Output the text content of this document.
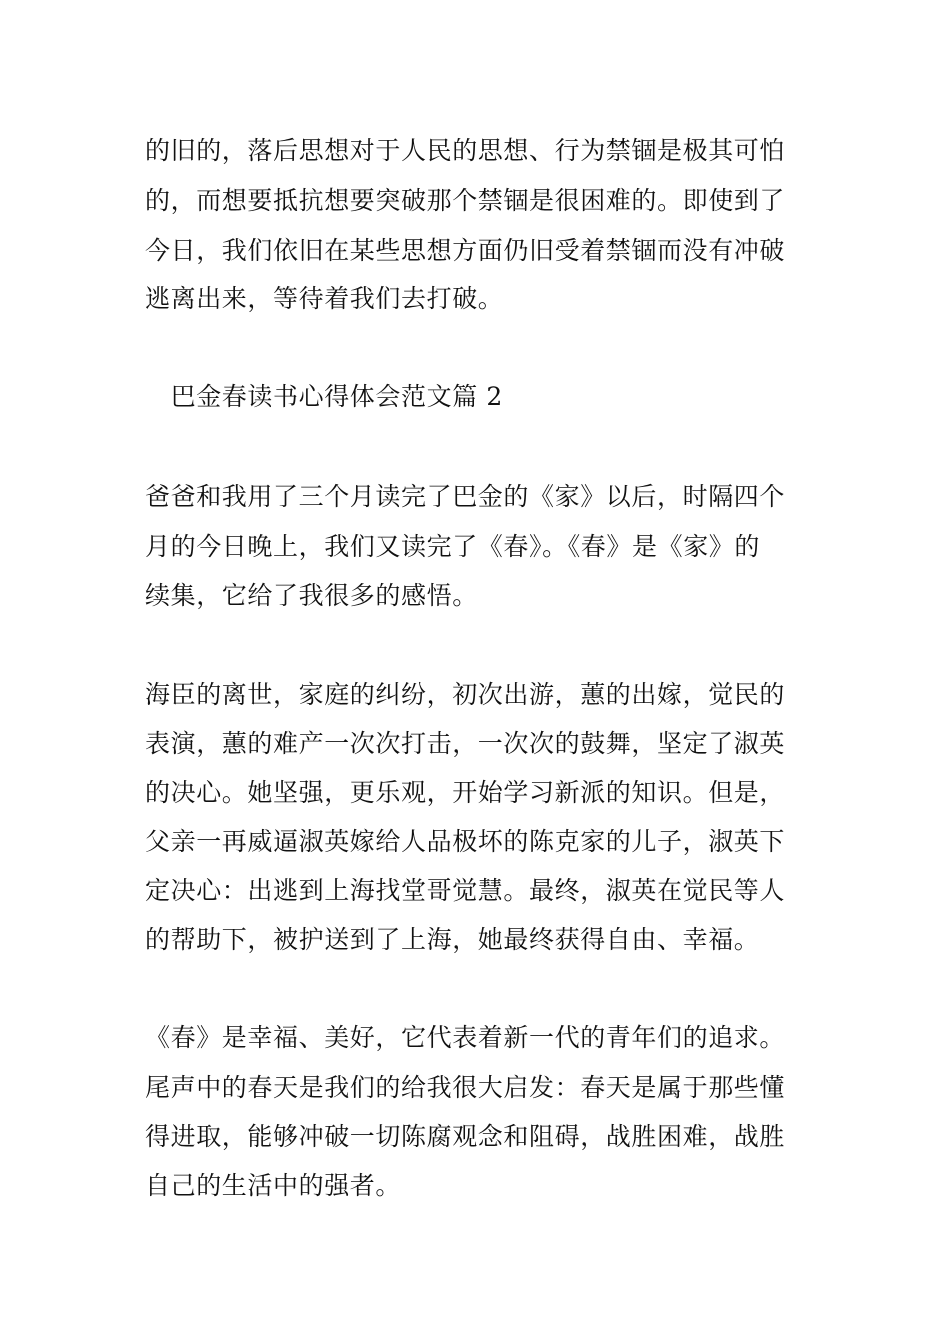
的旧的，落后思想对于人民的思想、行为禁锢是极其可怕
的，而想要抵抗想要突破那个禁锢是很困难的。即使到了
今日，我们依旧在某些思想方面仍旧受着禁锢而没有冲破
逃离出来，等待着我们去打破。
　巴金春读书心得体会范文篇 2
爸爸和我用了三个月读完了巴金的《家》以后，时隔四个
月的今日晚上，我们又读完了《春》。《春》是《家》的
续集，它给了我很多的感悟。
海臣的离世，家庭的纠纷，初次出游，蕙的出嫁，觉民的
表演，蕙的难产一次次打击，一次次的鼓舞，坚定了淑英
的决心。她坚强，更乐观，开始学习新派的知识。但是，
父亲一再威逼淑英嫁给人品极坏的陈克家的儿子，淑英下
定决心：出逃到上海找堂哥觉慧。最终，淑英在觉民等人
的帮助下，被护送到了上海，她最终获得自由、幸福。
《春》是幸福、美好，它代表着新一代的青年们的追求。
尾声中的春天是我们的给我很大启发：春天是属于那些懂
得进取，能够冲破一切陈腐观念和阻碍，战胜困难，战胜
自己的生活中的强者。
